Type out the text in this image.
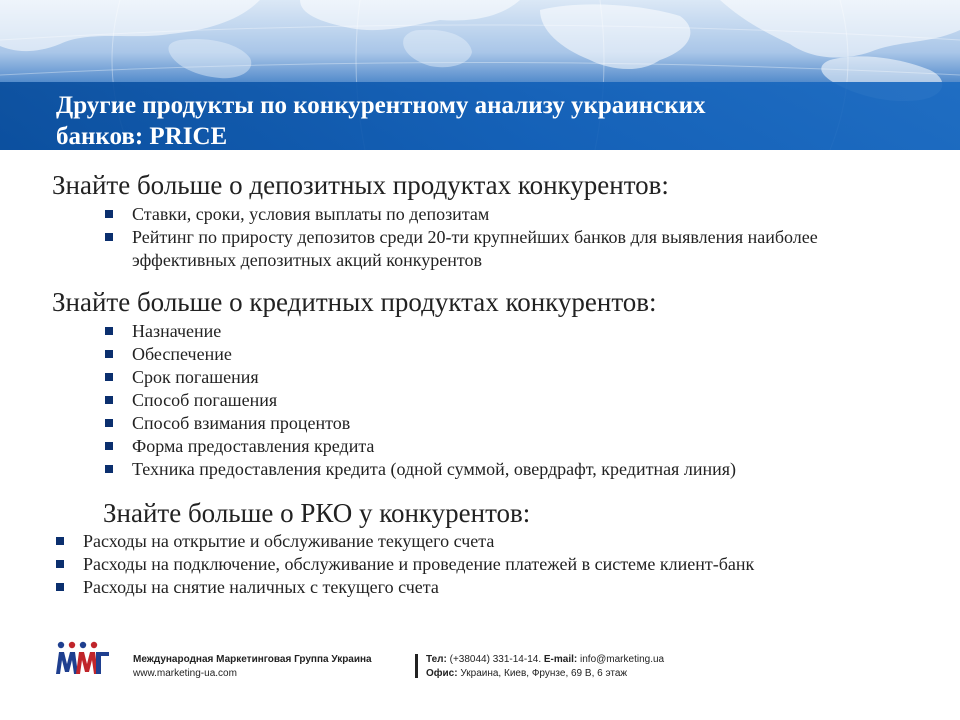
Другие продукты по конкурентному анализу украинских
банков: PRICE
Знайте больше о депозитных продуктах конкурентов:
Ставки, сроки, условия выплаты по депозитам
Рейтинг по приросту депозитов среди 20-ти крупнейших банков для выявления наиболее эффективных депозитных акций конкурентов
Знайте больше о кредитных продуктах конкурентов:
Назначение
Обеспечение
Срок погашения
Способ погашения
Способ взимания процентов
Форма предоставления кредита
Техника предоставления кредита (одной суммой, овердрафт, кредитная линия)
Знайте больше о РКО у конкурентов:
Расходы на открытие и обслуживание текущего счета
Расходы на подключение, обслуживание и проведение платежей в системе клиент-банк
Расходы на снятие наличных с текущего счета
Международная Маркетинговая Группа Украина
www.marketing-ua.com
Тел: (+38044) 331-14-14. E-mail: info@marketing.ua
Офис: Украина, Киев, Фрунзе, 69 В, 6 этаж
